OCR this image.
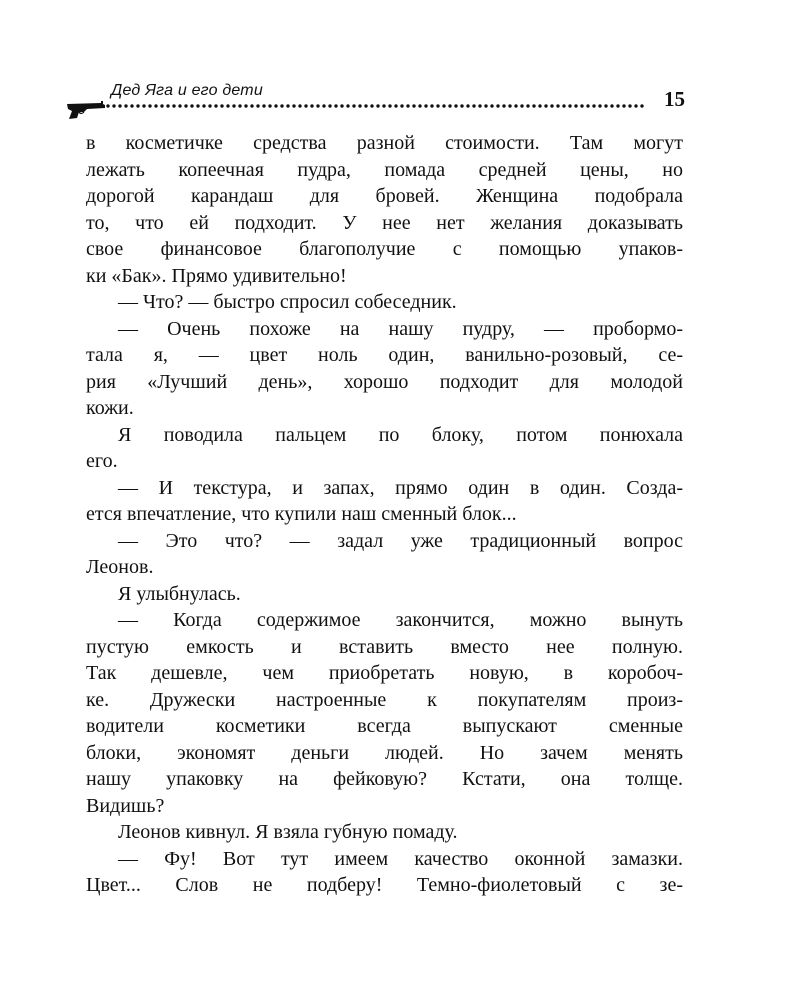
Дед Яга и его дети	15
в косметичке средства разной стоимости. Там могут
лежать копеечная пудра, помада средней цены, но
дорогой карандаш для бровей. Женщина подобрала
то, что ей подходит. У нее нет желания доказывать
свое финансовое благополучие с помощью упаков-
ки «Бак». Прямо удивительно!
— Что? — быстро спросил собеседник.
— Очень похоже на нашу пудру, — пробормо-
тала я, — цвет ноль один, ванильно-розовый, се-
рия «Лучший день», хорошо подходит для молодой
кожи.
Я поводила пальцем по блоку, потом понюхала
его.
— И текстура, и запах, прямо один в один. Созда-
ется впечатление, что купили наш сменный блок...
— Это что? — задал уже традиционный вопрос
Леонов.
Я улыбнулась.
— Когда содержимое закончится, можно вынуть
пустую емкость и вставить вместо нее полную.
Так дешевле, чем приобретать новую, в коробоч-
ке. Дружески настроенные к покупателям произ-
водители косметики всегда выпускают сменные
блоки, экономят деньги людей. Но зачем менять
нашу упаковку на фейковую? Кстати, она толще.
Видишь?
Леонов кивнул. Я взяла губную помаду.
— Фу! Вот тут имеем качество оконной замазки.
Цвет... Слов не подберу! Темно-фиолетовый с зе-
